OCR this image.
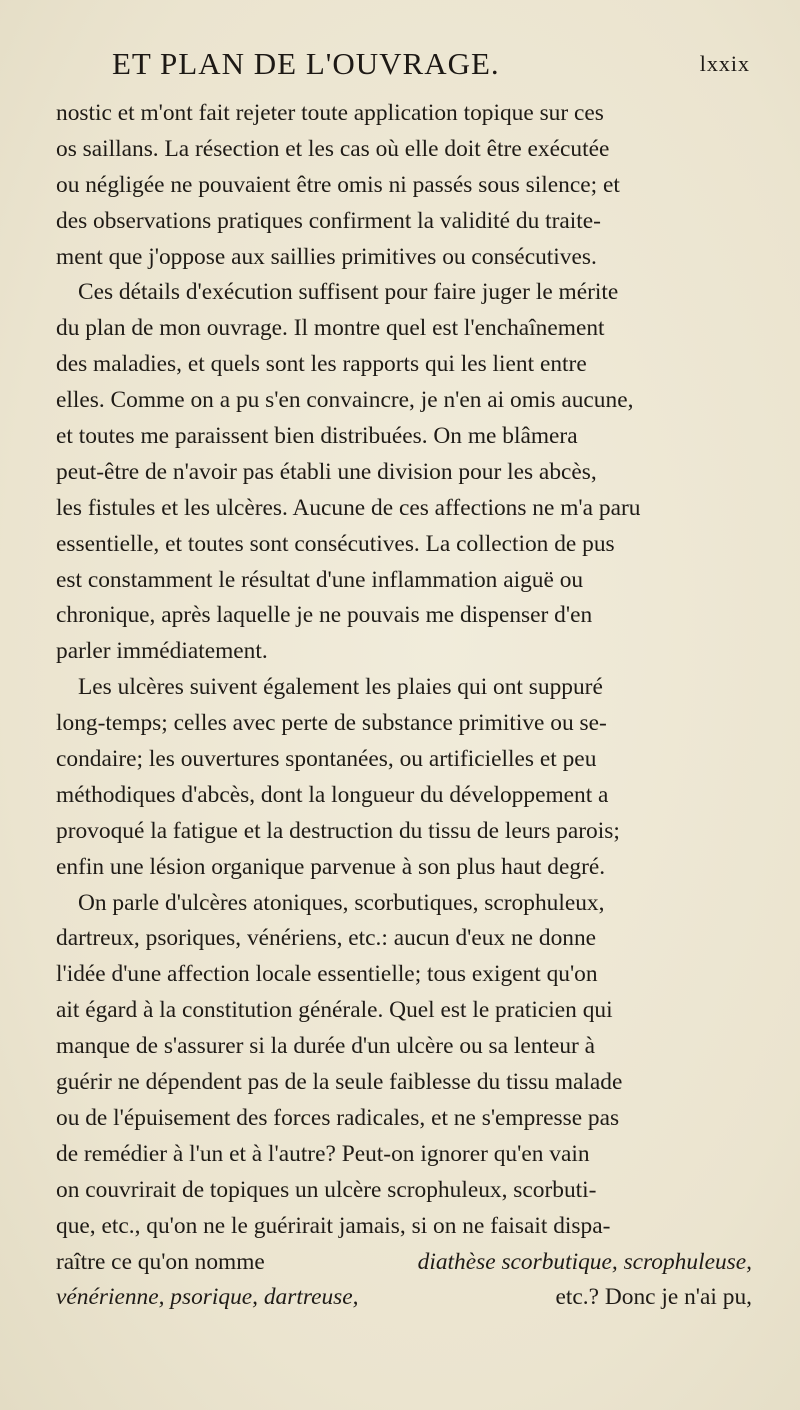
ET PLAN DE L'OUVRAGE.	lxxix
nostic et m'ont fait rejeter toute application topique sur ces
os saillans. La résection et les cas où elle doit être exécutée
ou négligée ne pouvaient être omis ni passés sous silence; et
des observations pratiques confirment la validité du traite-
ment que j'oppose aux saillies primitives ou consécutives.
Ces détails d'exécution suffisent pour faire juger le mérite
du plan de mon ouvrage. Il montre quel est l'enchaînement
des maladies, et quels sont les rapports qui les lient entre
elles. Comme on a pu s'en convaincre, je n'en ai omis aucune,
et toutes me paraissent bien distribuées. On me blâmera
peut-être de n'avoir pas établi une division pour les abcès,
les fistules et les ulcères. Aucune de ces affections ne m'a paru
essentielle, et toutes sont consécutives. La collection de pus
est constamment le résultat d'une inflammation aiguë ou
chronique, après laquelle je ne pouvais me dispenser d'en
parler immédiatement.
Les ulcères suivent également les plaies qui ont suppuré
long-temps; celles avec perte de substance primitive ou se-
condaire; les ouvertures spontanées, ou artificielles et peu
méthodiques d'abcès, dont la longueur du développement a
provoqué la fatigue et la destruction du tissu de leurs parois;
enfin une lésion organique parvenue à son plus haut degré.
On parle d'ulcères atoniques, scorbutiques, scrophuleux,
dartreux, psoriques, vénériens, etc.: aucun d'eux ne donne
l'idée d'une affection locale essentielle; tous exigent qu'on
ait égard à la constitution générale. Quel est le praticien qui
manque de s'assurer si la durée d'un ulcère ou sa lenteur à
guérir ne dépendent pas de la seule faiblesse du tissu malade
ou de l'épuisement des forces radicales, et ne s'empresse pas
de remédier à l'un et à l'autre? Peut-on ignorer qu'en vain
on couvrirait de topiques un ulcère scrophuleux, scorbuti-
que, etc., qu'on ne le guérirait jamais, si on ne faisait dispa-
raître ce qu'on nomme	diathèse scorbutique, scrophuleuse,
vénérienne, psorique, dartreuse,	etc.? Donc je n'ai pu,
